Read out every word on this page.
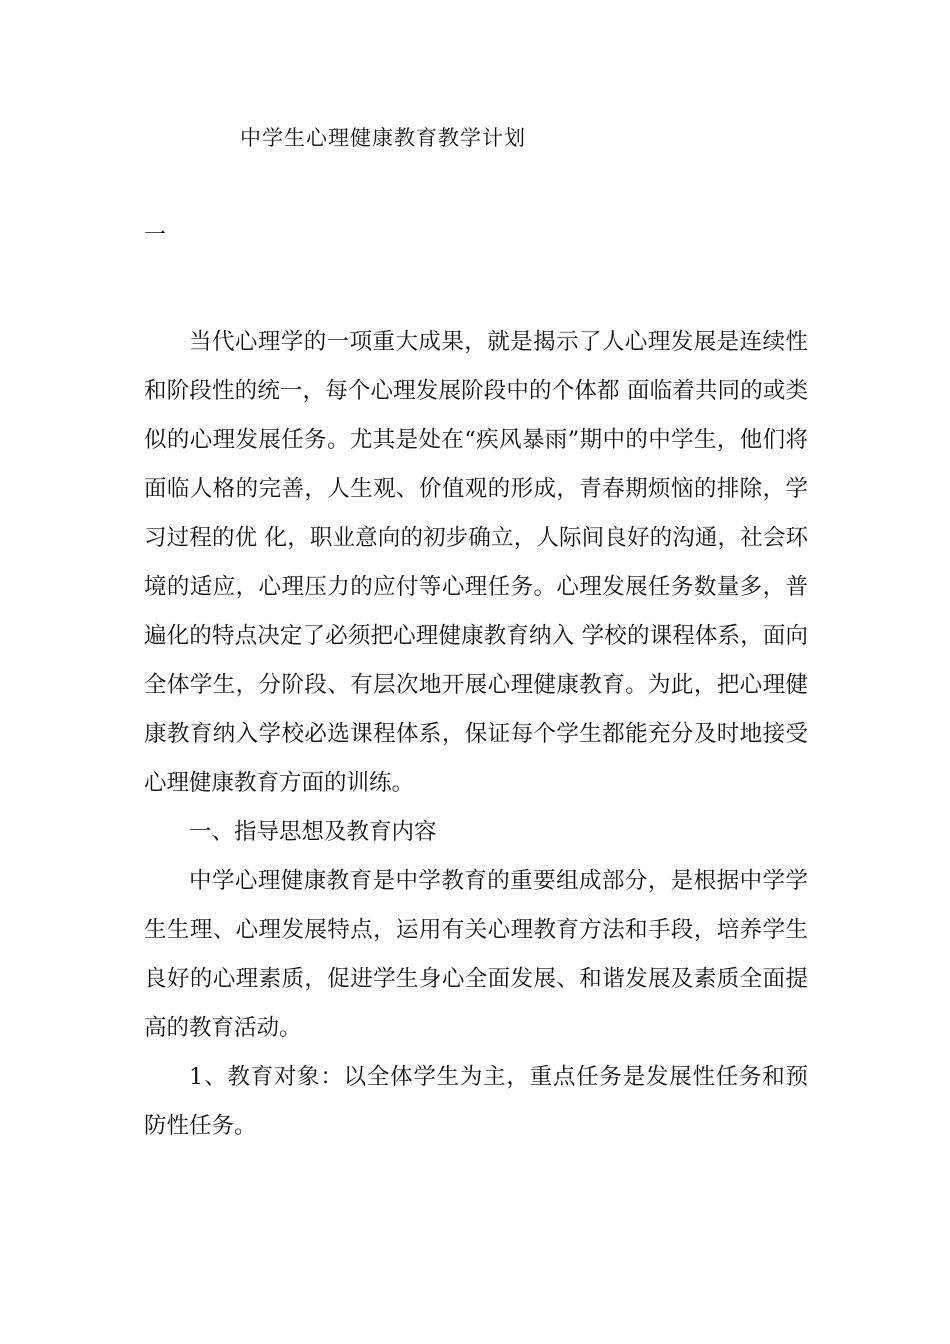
中学生心理健康教育教学计划
一

当代心理学的一项重大成果，就是揭示了人心理发展是连续性和阶段性的统一，每个心理发展阶段中的个体都 面临着共同的或类似的心理发展任务。尤其是处在“疾风暴雨”期中的中学生，他们将面临人格的完善，人生观、价值观的形成，青春期烦恼的排除，学习过程的优 化，职业意向的初步确立，人际间良好的沟通，社会环境的适应，心理压力的应付等心理任务。心理发展任务数量多，普遍化的特点决定了必须把心理健康教育纳入 学校的课程体系，面向全体学生，分阶段、有层次地开展心理健康教育。为此，把心理健康教育纳入学校必选课程体系，保证每个学生都能充分及时地接受心理健康教育方面的训练。

一、指导思想及教育内容

中学心理健康教育是中学教育的重要组成部分，是根据中学学生生理、心理发展特点，运用有关心理教育方法和手段，培养学生良好的心理素质，促进学生身心全面发展、和谐发展及素质全面提高的教育活动。

1、教育对象：以全体学生为主，重点任务是发展性任务和预防性任务。
